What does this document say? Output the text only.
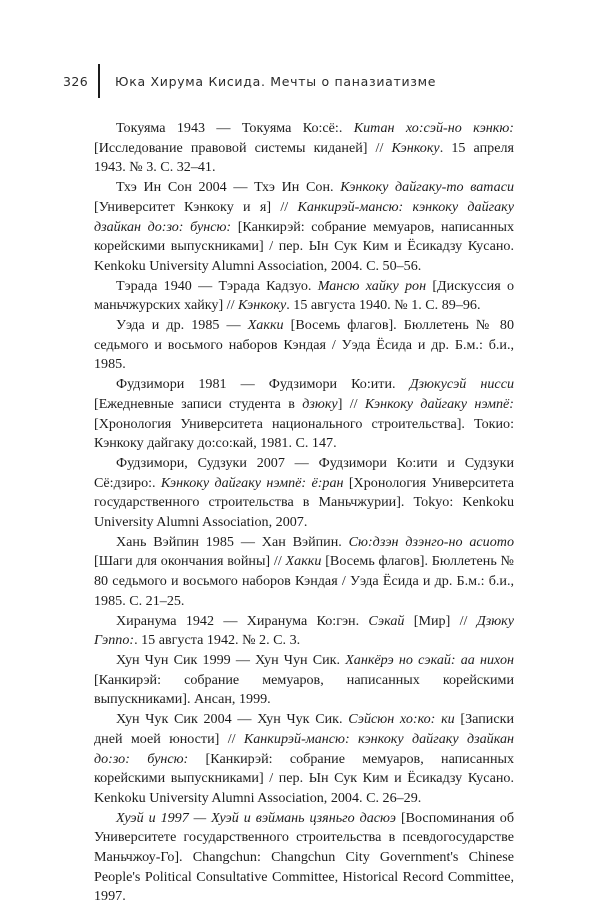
326 Юка Хирума Кисида. Мечты о паназиатизме
Токуяма 1943 — Токуяма Ко:сё:. Китан хо:сэй-но кэнкю: [Исследование правовой системы киданей] // Кэнкоку. 15 апреля 1943. № 3. С. 32–41.
Тхэ Ин Сон 2004 — Тхэ Ин Сон. Кэнкоку дайгаку-то ватаси [Университет Кэнкоку и я] // Канкирэй-мансю: кэнкоку дайгаку дзайкан до:зо: бунсю: [Канкирэй: собрание мемуаров, написанных корейскими выпускниками] / пер. Ын Сук Ким и Ёсикадзу Кусано. Kenkoku University Alumni Association, 2004. С. 50–56.
Тэрада 1940 — Тэрада Кадзуо. Мансю хайку рон [Дискуссия о маньчжурских хайку] // Кэнкоку. 15 августа 1940. № 1. С. 89–96.
Уэда и др. 1985 — Хакки [Восемь флагов]. Бюллетень № 80 седьмого и восьмого наборов Кэндая / Уэда Ёсида и др. Б.м.: б.и., 1985.
Фудзимори 1981 — Фудзимори Ко:ити. Дзюкусэй нисси [Ежедневные записи студента в дзюку] // Кэнкоку дайгаку нэмпё: [Хронология Университета национального строительства]. Токио: Кэнкоку дайгаку до:со:кай, 1981. С. 147.
Фудзимори, Судзуки 2007 — Фудзимори Ко:ити и Судзуки Сё:дзиро:. Кэнкоку дайгаку нэмпё: ё:ран [Хронология Университета государственного строительства в Маньчжурии]. Tokyo: Kenkoku University Alumni Association, 2007.
Хань Вэйпин 1985 — Хан Вэйпин. Сю:дзэн дзэнго-но асиото [Шаги для окончания войны] // Хакки [Восемь флагов]. Бюллетень № 80 седьмого и восьмого наборов Кэндая / Уэда Ёсида и др. Б.м.: б.и., 1985. С. 21–25.
Хиранума 1942 — Хиранума Ко:гэн. Сэкай [Мир] // Дзюку Гэппо:. 15 августа 1942. № 2. С. 3.
Хун Чун Сик 1999 — Хун Чун Сик. Ханкёрэ но сэкай: аа нихон [Канкирэй: собрание мемуаров, написанных корейскими выпускниками]. Ансан, 1999.
Хун Чук Сик 2004 — Хун Чук Сик. Сэйсюн хо:ко: ки [Записки дней моей юности] // Канкирэй-мансю: кэнкоку дайгаку дзайкан до:зо: бунсю: [Канкирэй: собрание мемуаров, написанных корейскими выпускниками] / пер. Ын Сук Ким и Ёсикадзу Кусано. Kenkoku University Alumni Association, 2004. С. 26–29.
Хуэй и 1997 — Хуэй и вэймань цзяньго дасюэ [Воспоминания об Университете государственного строительства в псевдогосударстве Маньчжоу-Го]. Changchun: Changchun City Government's Chinese People's Political Consultative Committee, Historical Record Committee, 1997.
